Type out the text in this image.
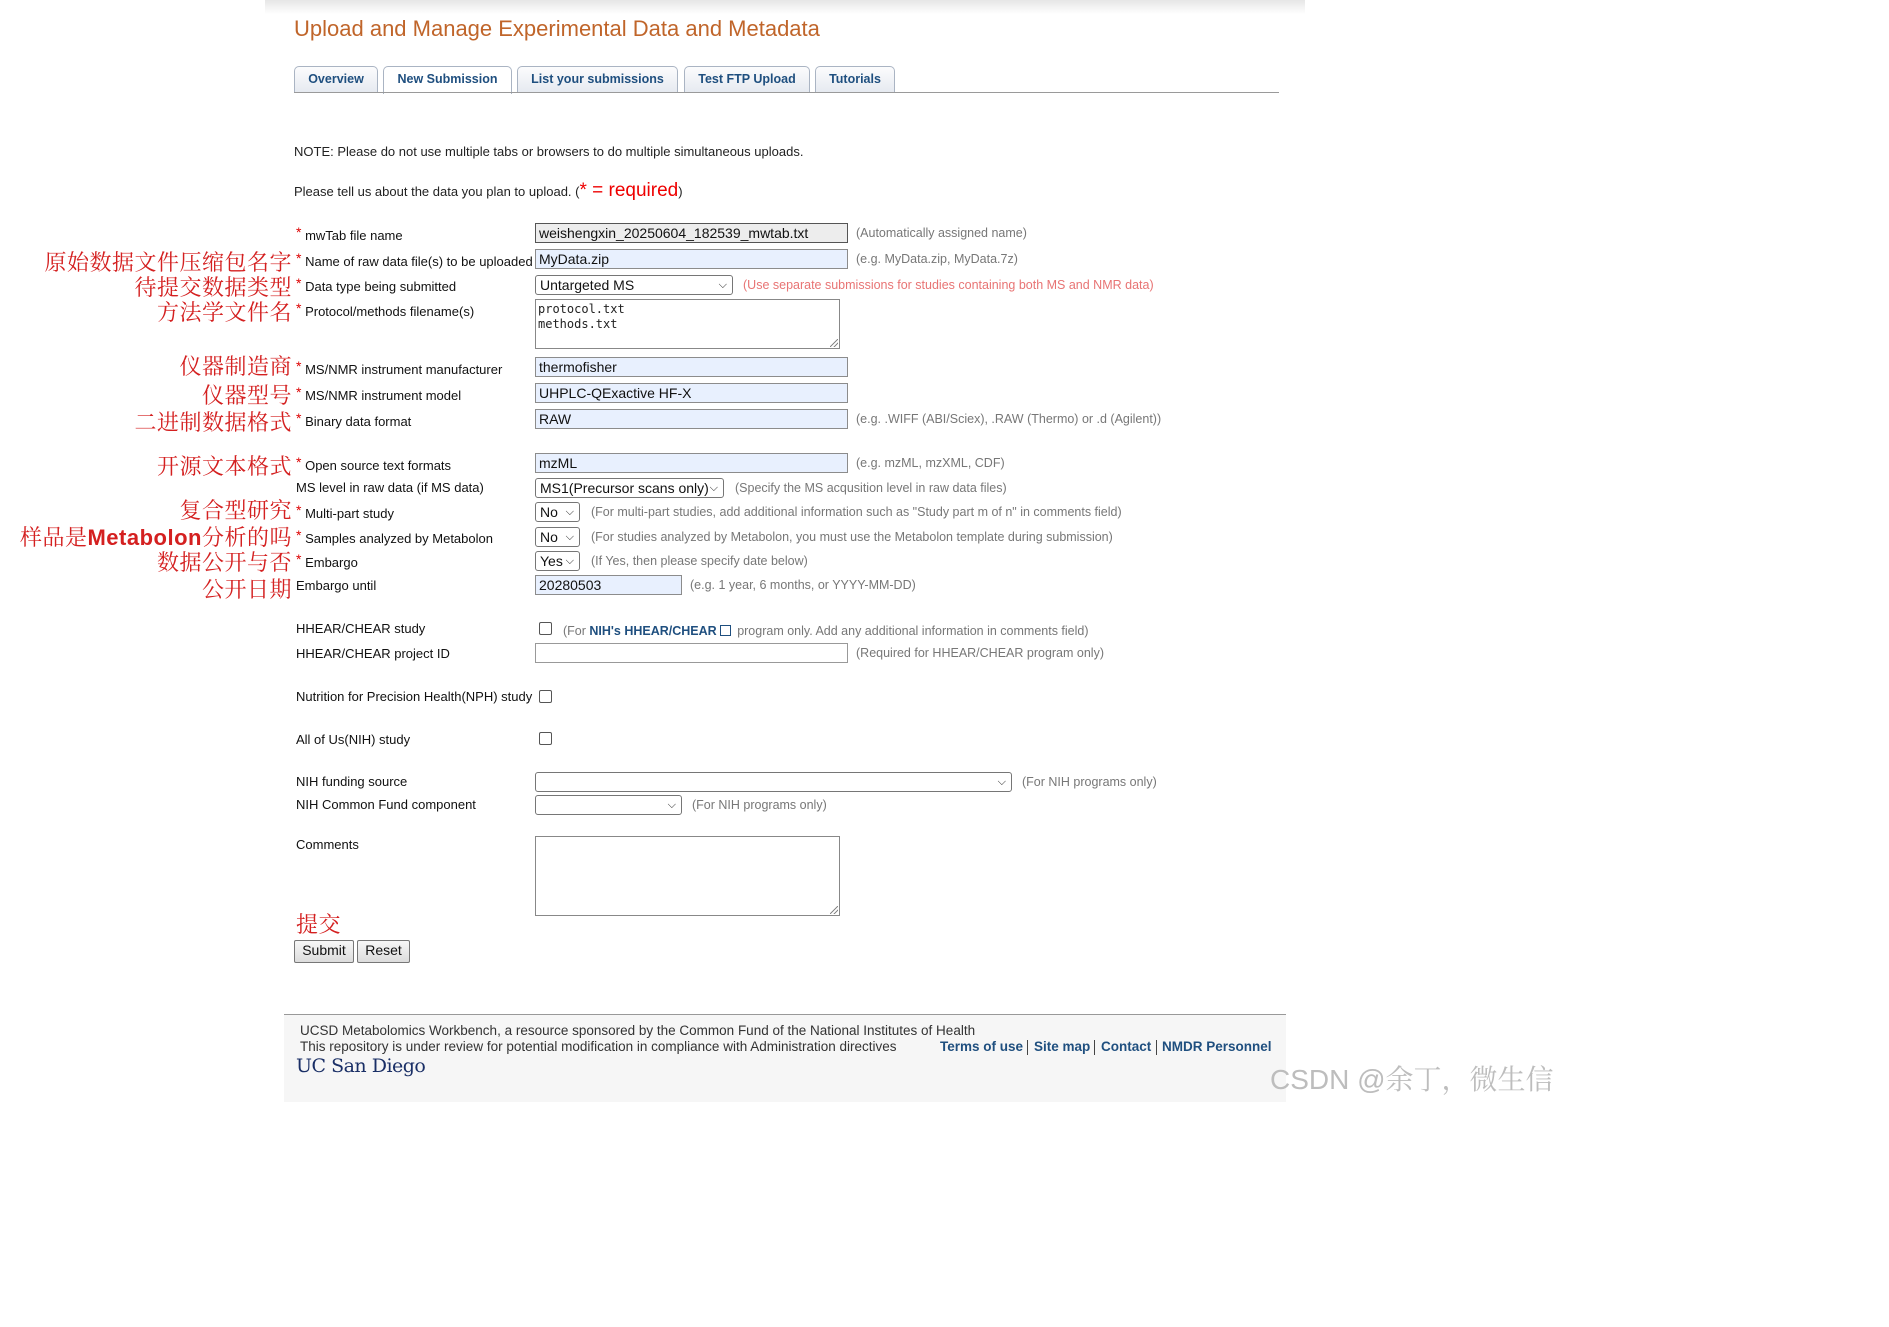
Upload and Manage Experimental Data and Metadata
Overview	New Submission	List your submissions	Test FTP Upload	Tutorials
NOTE: Please do not use multiple tabs or browsers to do multiple simultaneous uploads.
Please tell us about the data you plan to upload. (* = required)
原始数据文件压缩包名字
待提交数据类型
方法学文件名
仪器制造商
仪器型号
二进制数据格式
开源文本格式
复合型研究
样品是Metabolon分析的吗
数据公开与否
公开日期
提交
* mwTab file name	weishengxin_20250604_182539_mwtab.txt	(Automatically assigned name)
* Name of raw data file(s) to be uploaded MyData.zip	(e.g. MyData.zip, MyData.7z)
* Data type being submitted	Untargeted MS	⌵ (Use separate submissions for studies containing both MS and NMR data)
* Protocol/methods filename(s)	protocol.txt
methods.txt
* MS/NMR instrument manufacturer	thermofisher
* MS/NMR instrument model	UHPLC-QExactive HF-X
* Binary data format	RAW	(e.g. .WIFF (ABI/Sciex), .RAW (Thermo) or .d (Agilent))
* Open source text formats	mzML	(e.g. mzML, mzXML, CDF)
MS level in raw data (if MS data)	MS1(Precursor scans only) ⌵ (Specify the MS acqusition level in raw data files)
* Multi-part study	No ⌵ (For multi-part studies, add additional information such as "Study part m of n" in comments field)
* Samples analyzed by Metabolon	No ⌵ (For studies analyzed by Metabolon, you must use the Metabolon template during submission)
* Embargo	Yes ⌵ (If Yes, then please specify date below)
Embargo until	20280503	(e.g. 1 year, 6 months, or YYYY-MM-DD)
HHEAR/CHEAR study	(For NIH's HHEAR/CHEAR program only. Add any additional information in comments field)
HHEAR/CHEAR project ID	(Required for HHEAR/CHEAR program only)
Nutrition for Precision Health(NPH) study
All of Us(NIH) study
NIH funding source	⌵ (For NIH programs only)
NIH Common Fund component	⌵ (For NIH programs only)
Comments
Submit	Reset
UCSD Metabolomics Workbench, a resource sponsored by the Common Fund of the National Institutes of Health
This repository is under review for potential modification in compliance with Administration directives	Terms of use Site map Contact NMDR Personnel
UC San Diego	CSDN @余丁，微生信
